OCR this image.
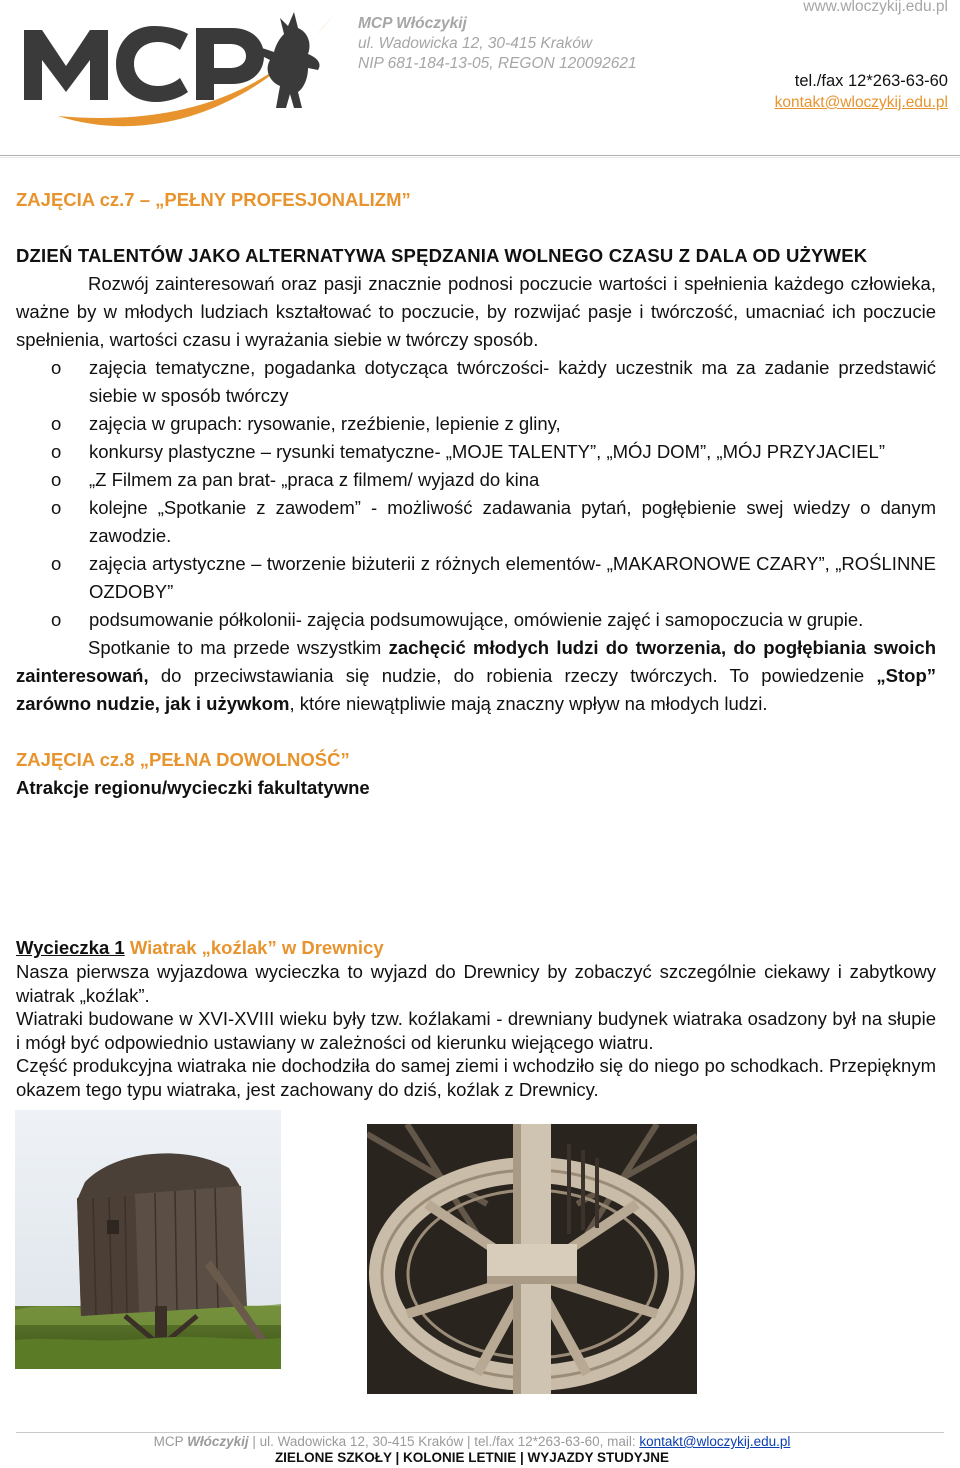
MCP Włóczykij
ul. Wadowicka 12, 30-415 Kraków
NIP 681-184-13-05, REGON 120092621
www.wloczykij.edu.pl
tel./fax 12*263-63-60
kontakt@wloczykij.edu.pl
ZAJĘCIA cz.7 – „PEŁNY PROFESJONALIZM”
DZIEŃ TALENTÓW JAKO ALTERNATYWA SPĘDZANIA WOLNEGO CZASU Z DALA OD UŻYWEK
Rozwój zainteresowań oraz pasji znacznie podnosi poczucie wartości i spełnienia każdego człowieka, ważne by w młodych ludziach kształtować to poczucie, by rozwijać pasje i twórczość, umacniać ich poczucie spełnienia, wartości czasu i wyrażania siebie w twórczy sposób.
o zajęcia tematyczne, pogadanka dotycząca twórczości- każdy uczestnik ma za zadanie przedstawić siebie w sposób twórczy
o zajęcia w grupach: rysowanie, rzeźbienie, lepienie z gliny,
o konkursy plastyczne – rysunki tematyczne- „MOJE TALENTY”, „MÓJ DOM”, „MÓJ PRZYJACIEL”
o „Z Filmem za pan brat- „praca z filmem/ wyjazd do kina
o kolejne „Spotkanie z zawodem” - możliwość zadawania pytań, pogłębienie swej wiedzy o danym zawodzie.
o zajęcia artystyczne – tworzenie biżuterii z różnych elementów- „MAKARONOWE CZARY”, „ROŚLINNE OZDOBY”
o podsumowanie półkolonii- zajęcia podsumowujące, omówienie zajęć i samopoczucia w grupie.
Spotkanie to ma przede wszystkim zachęcić młodych ludzi do tworzenia, do pogłębiania swoich zainteresowań, do przeciwstawiania się nudzie, do robienia rzeczy twórczych. To powiedzenie „Stop” zarówno nudzie, jak i używkom, które niewątpliwie mają znaczny wpływ na młodych ludzi.
ZAJĘCIA cz.8 „PEŁNA DOWOLNOŚĆ”
Atrakcje regionu/wycieczki fakultatywne
Wycieczka 1 Wiatrak „koźlak” w Drewnicy
Nasza pierwsza wyjazdowa wycieczka to wyjazd do Drewnicy by zobaczyć szczególnie ciekawy i zabytkowy wiatrak „koźlak”.
Wiatraki budowane w XVI-XVIII wieku były tzw. koźlakami - drewniany budynek wiatraka osadzony był na słupie i mógł być odpowiednio ustawiany w zależności od kierunku wiejącego wiatru.
Część produkcyjna wiatraka nie dochodziła do samej ziemi i wchodziło się do niego po schodkach. Przepięknym okazem tego typu wiatraka, jest zachowany do dziś, koźlak z Drewnicy.
MCP Włóczykij | ul. Wadowicka 12, 30-415 Kraków | tel./fax 12*263-63-60, mail: kontakt@wloczykij.edu.pl
ZIELONE SZKOŁY | KOLONIE LETNIE | WYJAZDY STUDYJNE
